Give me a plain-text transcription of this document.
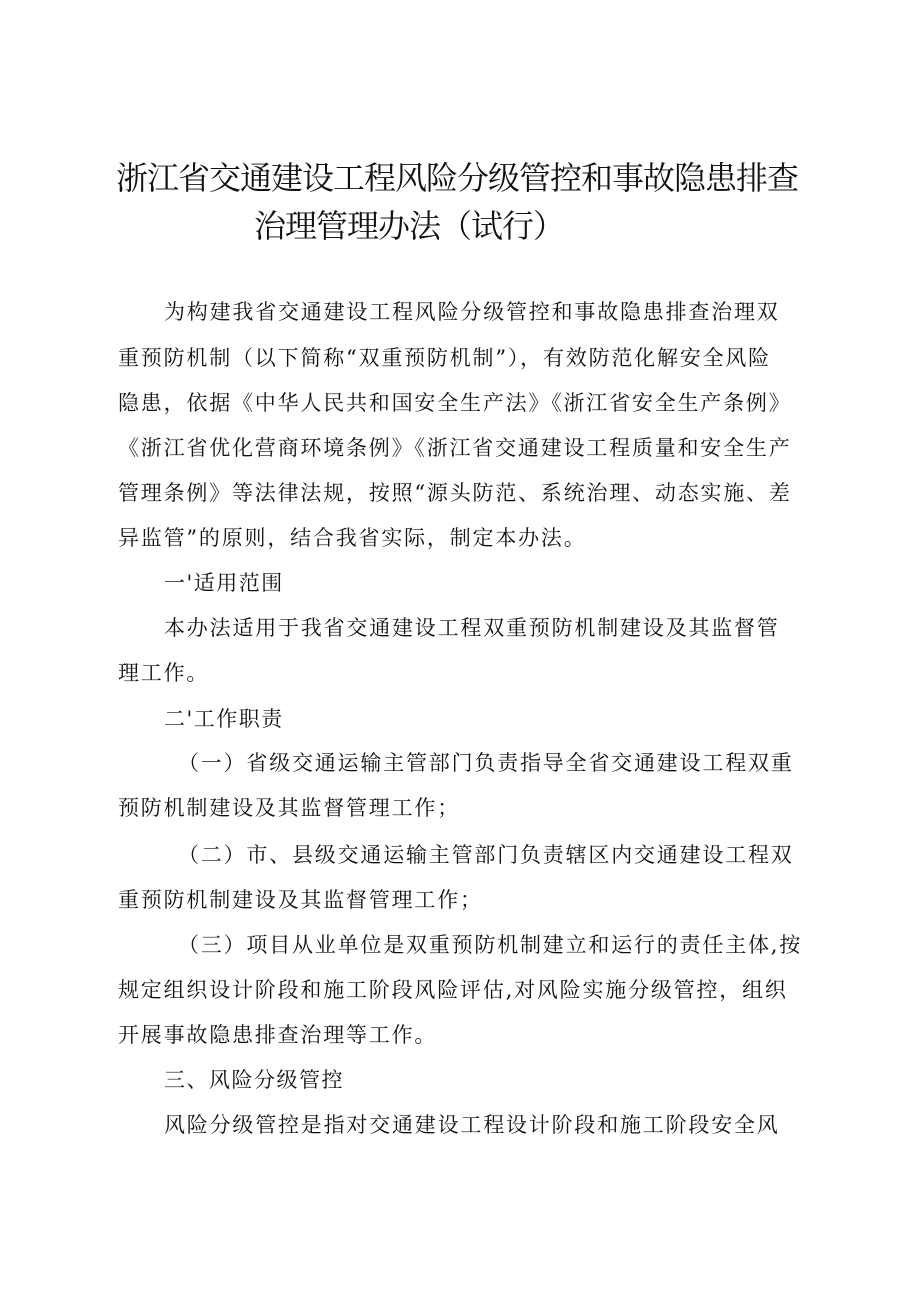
浙江省交通建设工程风险分级管控和事故隐患排查
治理管理办法（试行）
为构建我省交通建设工程风险分级管控和事故隐患排查治理双
重预防机制（以下简称“双重预防机制”），有效防范化解安全风险
隐患，依据《中华人民共和国安全生产法》《浙江省安全生产条例》
《浙江省优化营商环境条例》《浙江省交通建设工程质量和安全生产
管理条例》等法律法规，按照“源头防范、系统治理、动态实施、差
异监管”的原则，结合我省实际，制定本办法。
一'适用范围
本办法适用于我省交通建设工程双重预防机制建设及其监督管
理工作。
二'工作职责
（一）省级交通运输主管部门负责指导全省交通建设工程双重
预防机制建设及其监督管理工作；
（二）市、县级交通运输主管部门负责辖区内交通建设工程双
重预防机制建设及其监督管理工作；
（三）项目从业单位是双重预防机制建立和运行的责任主体,按
规定组织设计阶段和施工阶段风险评估,对风险实施分级管控，组织
开展事故隐患排查治理等工作。
三、风险分级管控
风险分级管控是指对交通建设工程设计阶段和施工阶段安全风
